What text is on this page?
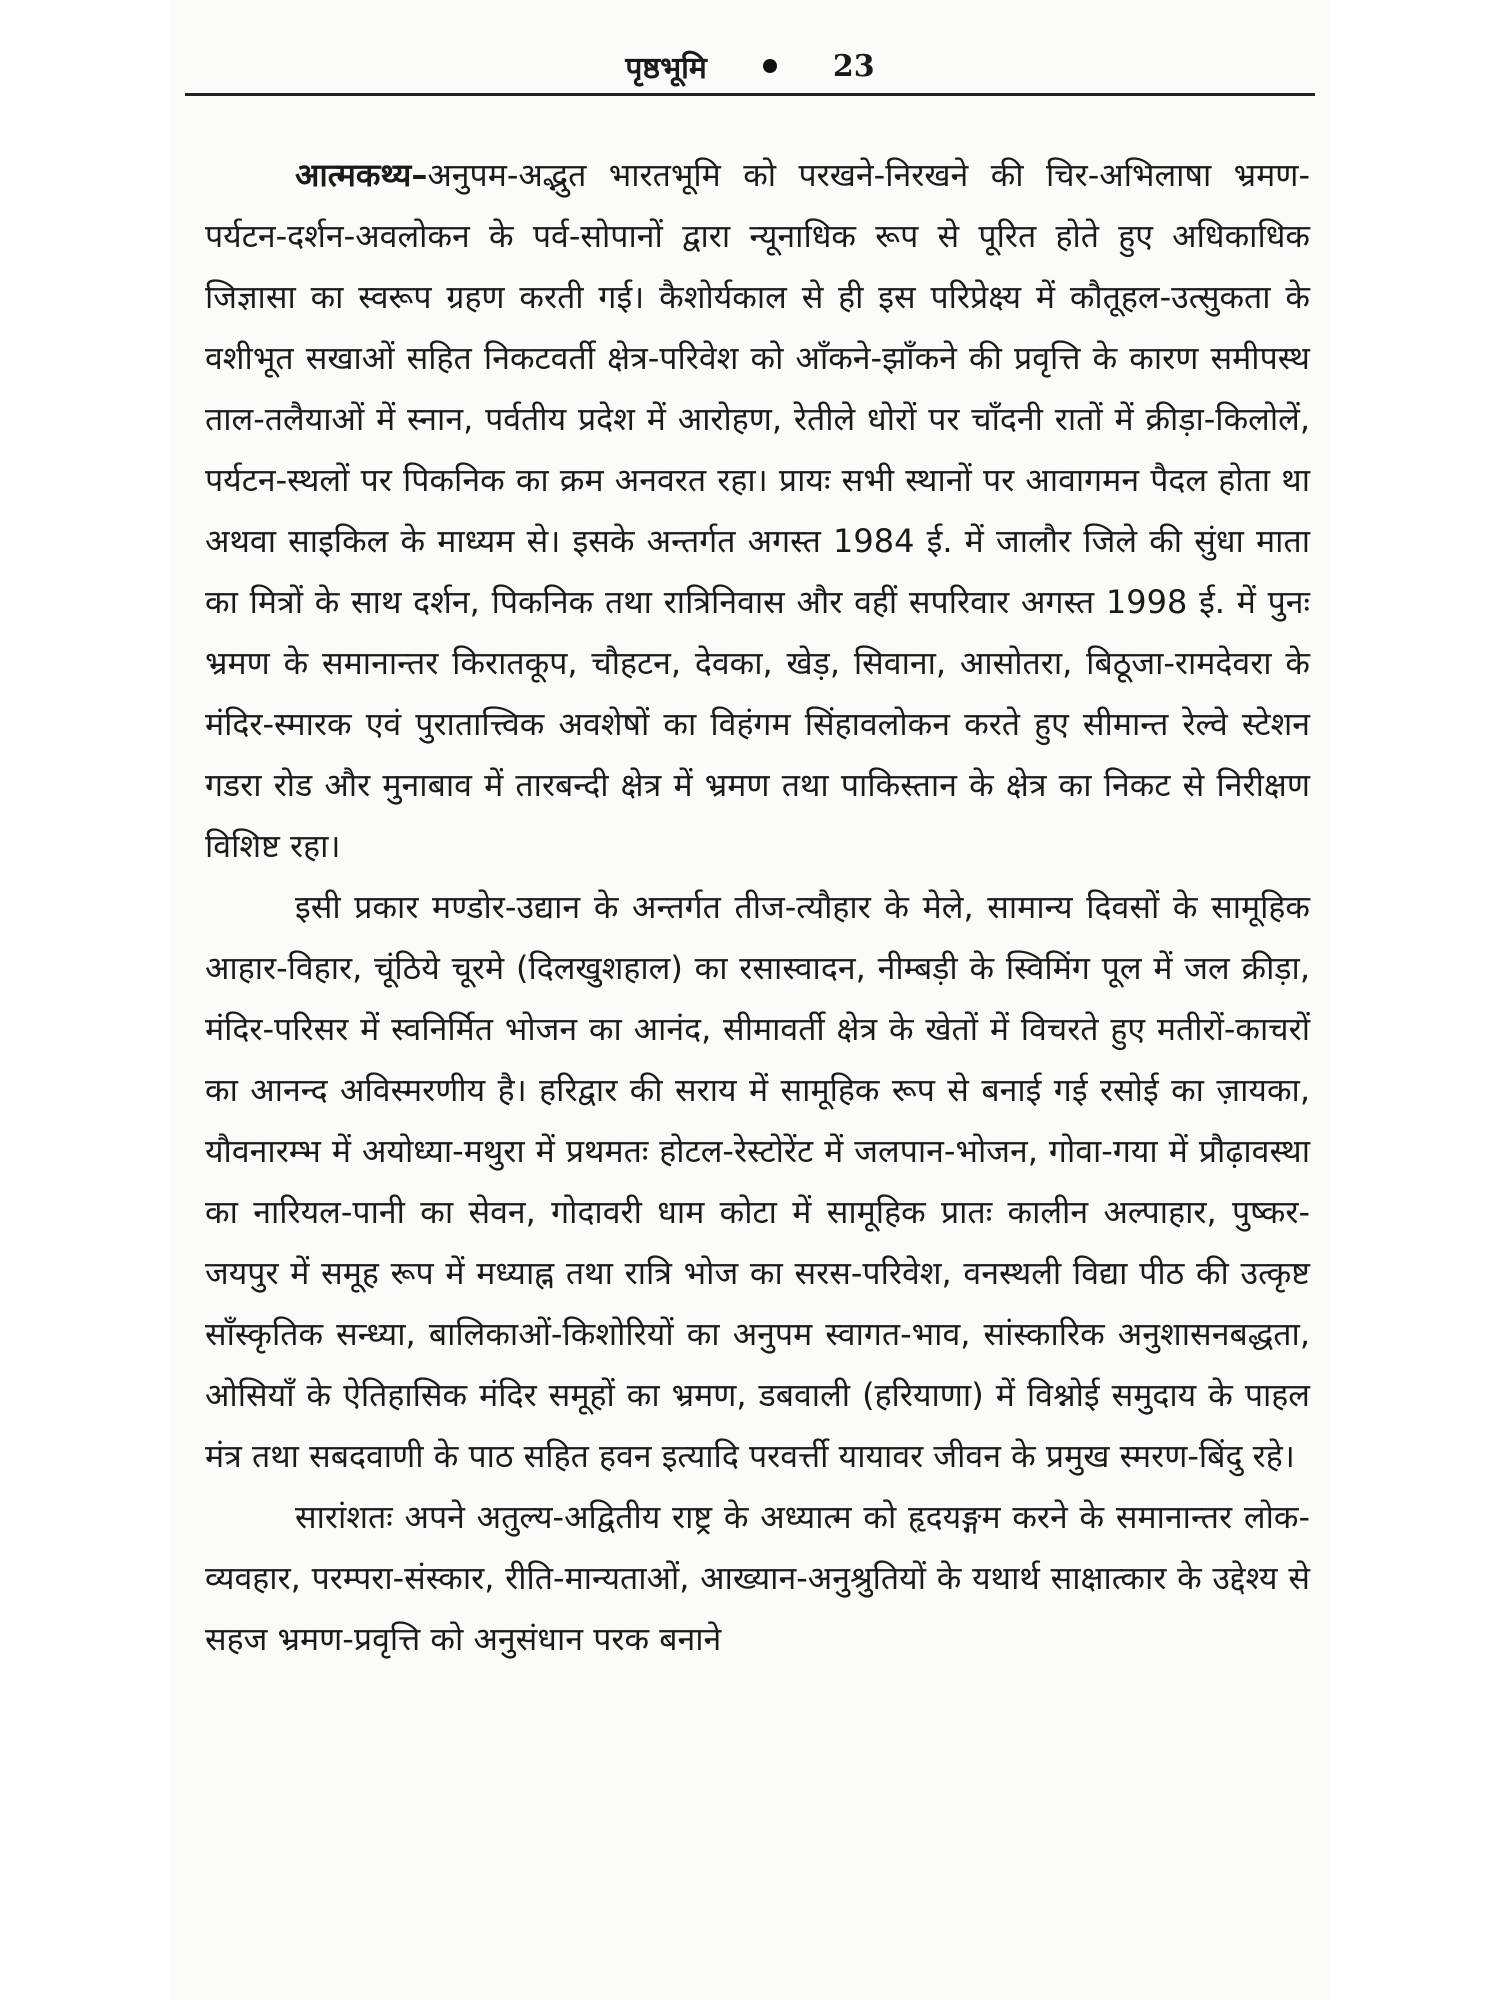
पृष्ठभूमि	23

आत्मकथ्य–अनुपम-अद्भुत भारतभूमि को परखने-निरखने की चिर-अभिलाषा भ्रमण-पर्यटन-दर्शन-अवलोकन के पर्व-सोपानों द्वारा न्यूनाधिक रूप से पूरित होते हुए अधिकाधिक जिज्ञासा का स्वरूप ग्रहण करती गई। कैशोर्यकाल से ही इस परिप्रेक्ष्य में कौतूहल-उत्सुकता के वशीभूत सखाओं सहित निकटवर्ती क्षेत्र-परिवेश को आँकने-झाँकने की प्रवृत्ति के कारण समीपस्थ ताल-तलैयाओं में स्नान, पर्वतीय प्रदेश में आरोहण, रेतीले धोरों पर चाँदनी रातों में क्रीड़ा-किलोलें, पर्यटन-स्थलों पर पिकनिक का क्रम अनवरत रहा। प्रायः सभी स्थानों पर आवागमन पैदल होता था अथवा साइकिल के माध्यम से। इसके अन्तर्गत अगस्त 1984 ई. में जालौर जिले की सुंधा माता का मित्रों के साथ दर्शन, पिकनिक तथा रात्रिनिवास और वहीं सपरिवार अगस्त 1998 ई. में पुनः भ्रमण के समानान्तर किरातकूप, चौहटन, देवका, खेड़, सिवाना, आसोतरा, बिठूजा-रामदेवरा के मंदिर-स्मारक एवं पुरातात्त्विक अवशेषों का विहंगम सिंहावलोकन करते हुए सीमान्त रेल्वे स्टेशन गडरा रोड और मुनाबाव में तारबन्दी क्षेत्र में भ्रमण तथा पाकिस्तान के क्षेत्र का निकट से निरीक्षण विशिष्ट रहा।

इसी प्रकार मण्डोर-उद्यान के अन्तर्गत तीज-त्यौहार के मेले, सामान्य दिवसों के सामूहिक आहार-विहार, चूंठिये चूरमे (दिलखुशहाल) का रसास्वादन, नीम्बड़ी के स्विमिंग पूल में जल क्रीड़ा, मंदिर-परिसर में स्वनिर्मित भोजन का आनंद, सीमावर्ती क्षेत्र के खेतों में विचरते हुए मतीरों-काचरों का आनन्द अविस्मरणीय है। हरिद्वार की सराय में सामूहिक रूप से बनाई गई रसोई का ज़ायका, यौवनारम्भ में अयोध्या-मथुरा में प्रथमतः होटल-रेस्टोरेंट में जलपान-भोजन, गोवा-गया में प्रौढ़ावस्था का नारियल-पानी का सेवन, गोदावरी धाम कोटा में सामूहिक प्रातः कालीन अल्पाहार, पुष्कर-जयपुर में समूह रूप में मध्याह्न तथा रात्रि भोज का सरस-परिवेश, वनस्थली विद्या पीठ की उत्कृष्ट साँस्कृतिक सन्ध्या, बालिकाओं-किशोरियों का अनुपम स्वागत-भाव, सांस्कारिक अनुशासनबद्धता, ओसियाँ के ऐतिहासिक मंदिर समूहों का भ्रमण, डबवाली (हरियाणा) में विश्नोई समुदाय के पाहल मंत्र तथा सबदवाणी के पाठ सहित हवन इत्यादि परवर्त्ती यायावर जीवन के प्रमुख स्मरण-बिंदु रहे।

सारांशतः अपने अतुल्य-अद्वितीय राष्ट्र के अध्यात्म को हृदयङ्गम करने के समानान्तर लोक-व्यवहार, परम्परा-संस्कार, रीति-मान्यताओं, आख्यान-अनुश्रुतियों के यथार्थ साक्षात्कार के उद्देश्य से सहज भ्रमण-प्रवृत्ति को अनुसंधान परक बनाने
